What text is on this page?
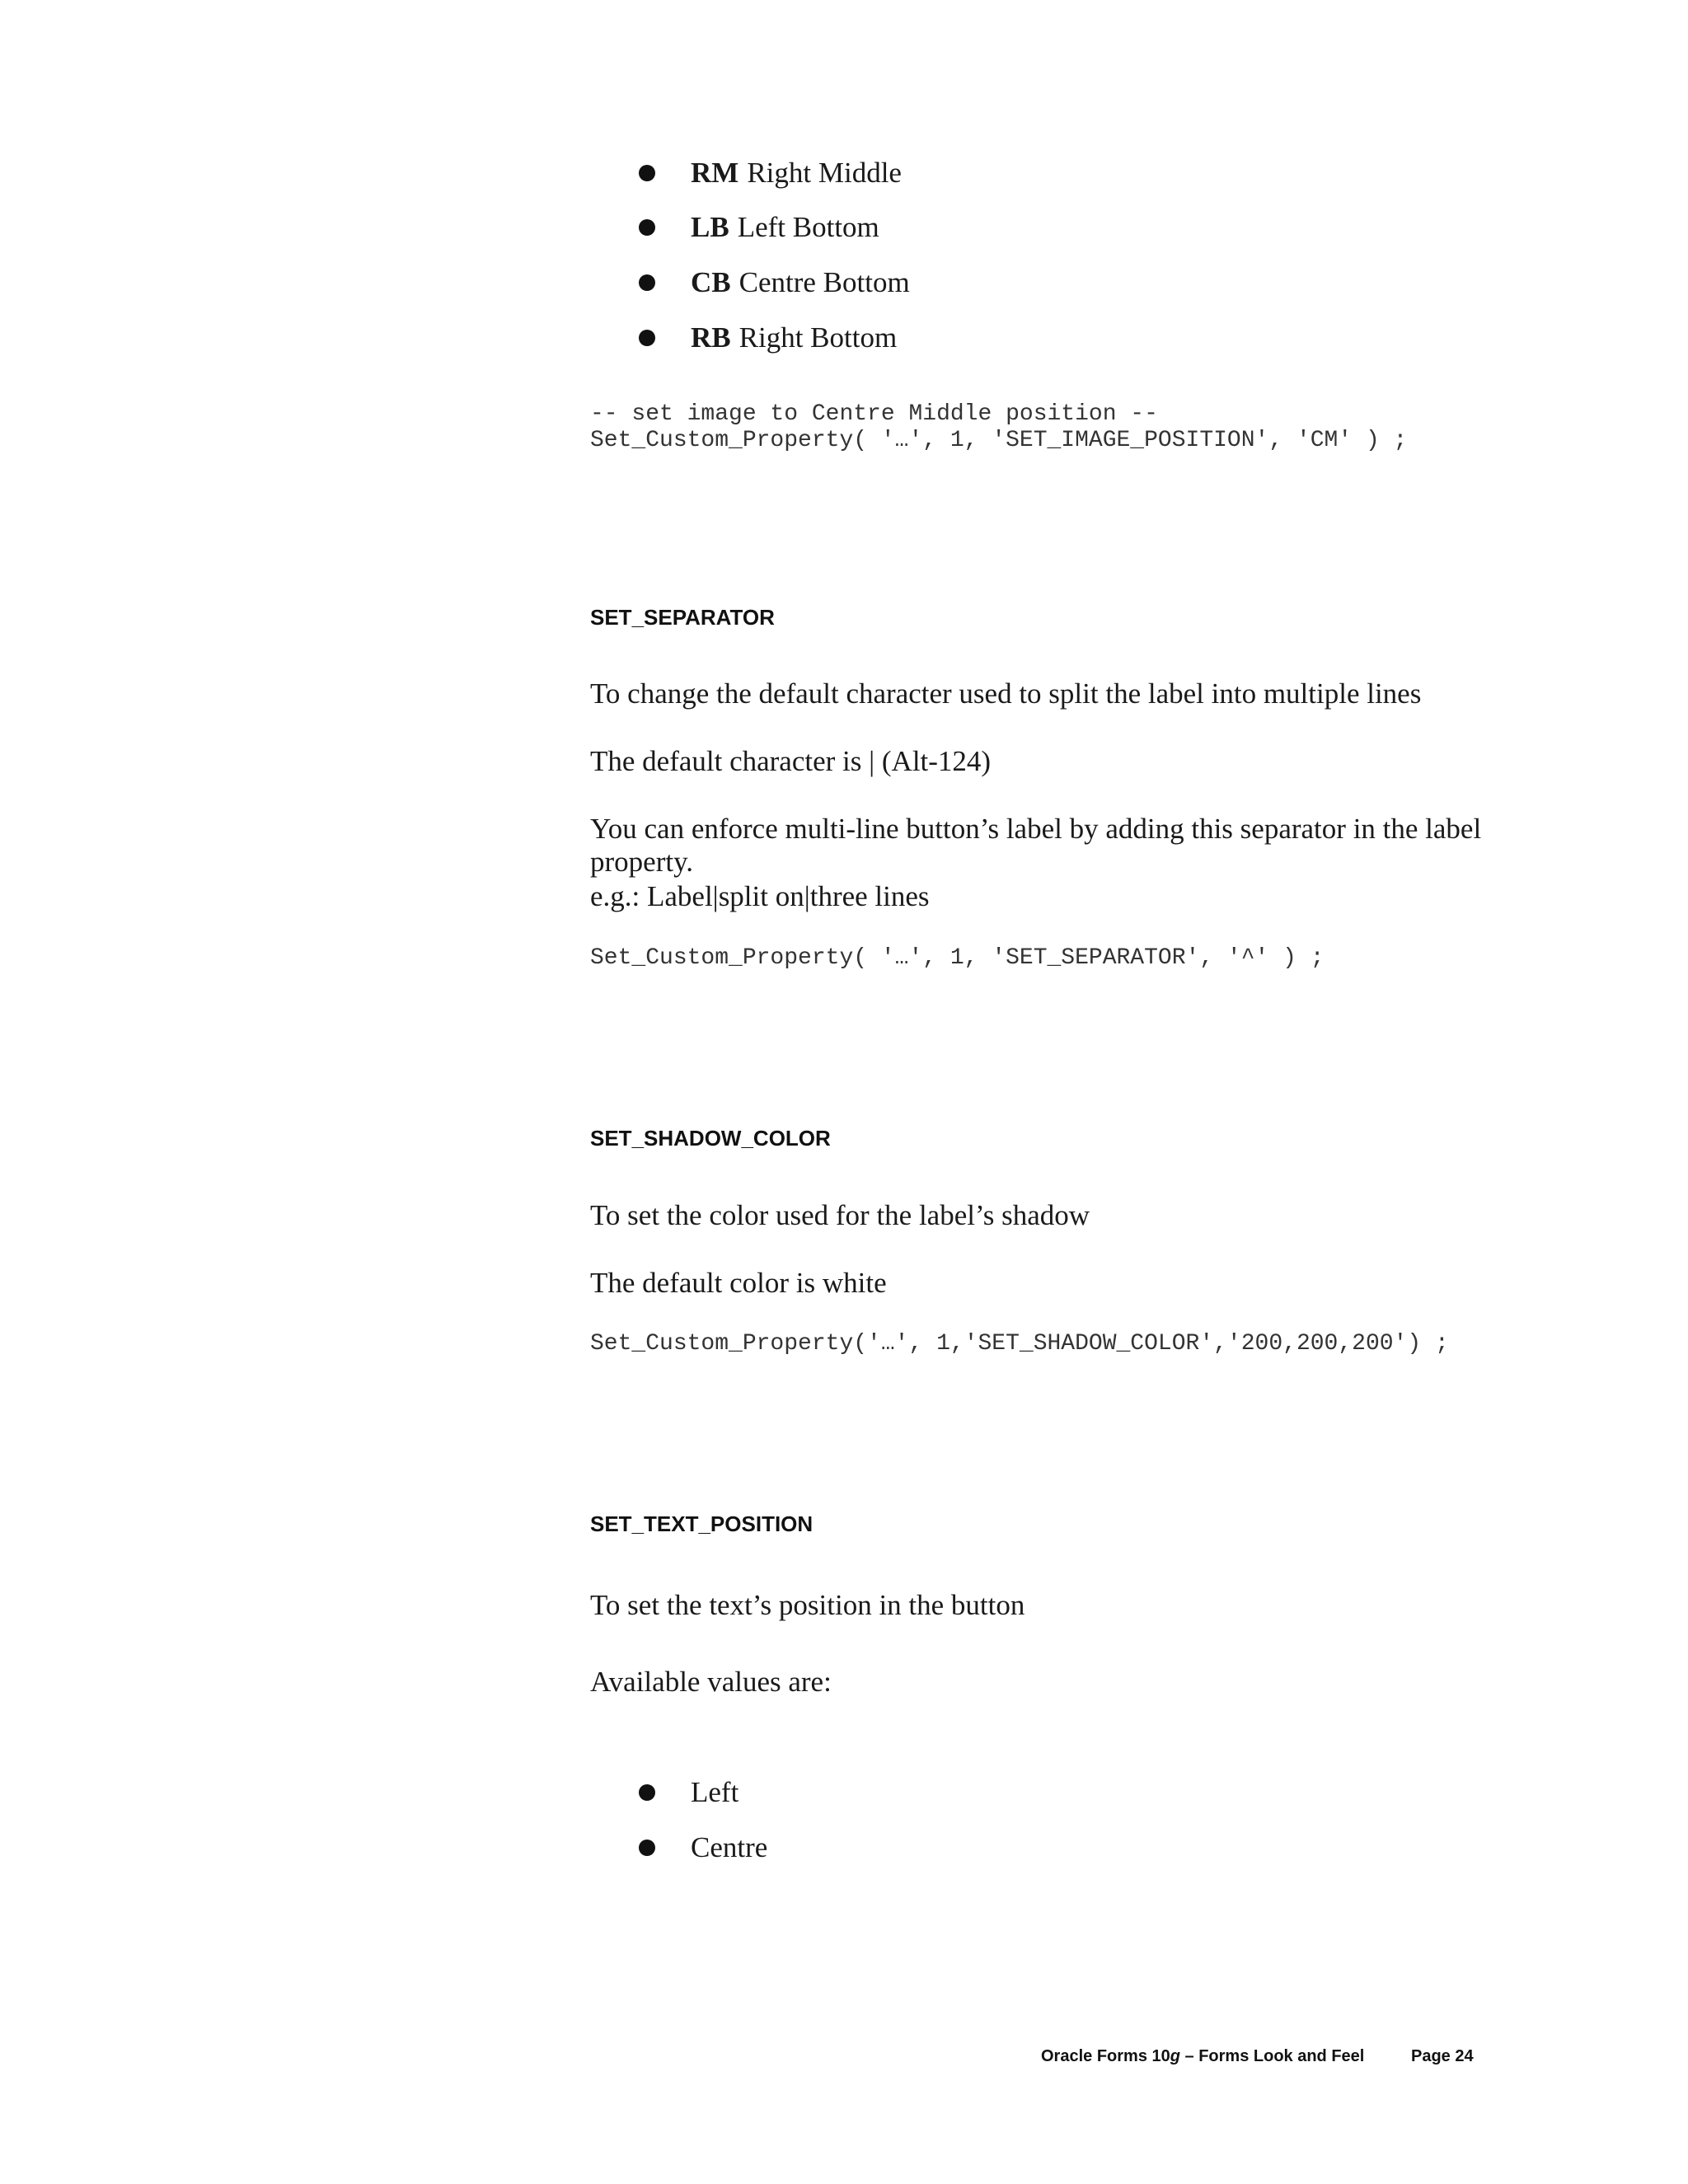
RM Right Middle
LB Left Bottom
CB Centre Bottom
RB Right Bottom
-- set image to Centre Middle position --
Set_Custom_Property( '…', 1, 'SET_IMAGE_POSITION', 'CM' ) ;
SET_SEPARATOR
To change the default character used to split the label into multiple lines
The default character is | (Alt-124)
You can enforce multi-line button’s label by adding this separator in the label
property.
e.g.: Label|split on|three lines
Set_Custom_Property( '…', 1, 'SET_SEPARATOR', '^' ) ;
SET_SHADOW_COLOR
To set the color used for the label’s shadow
The default color is white
Set_Custom_Property('…', 1,'SET_SHADOW_COLOR','200,200,200') ;
SET_TEXT_POSITION
To set the text’s position in the button
Available values are:
Left
Centre
Oracle Forms 10g – Forms Look and Feel	Page 24
